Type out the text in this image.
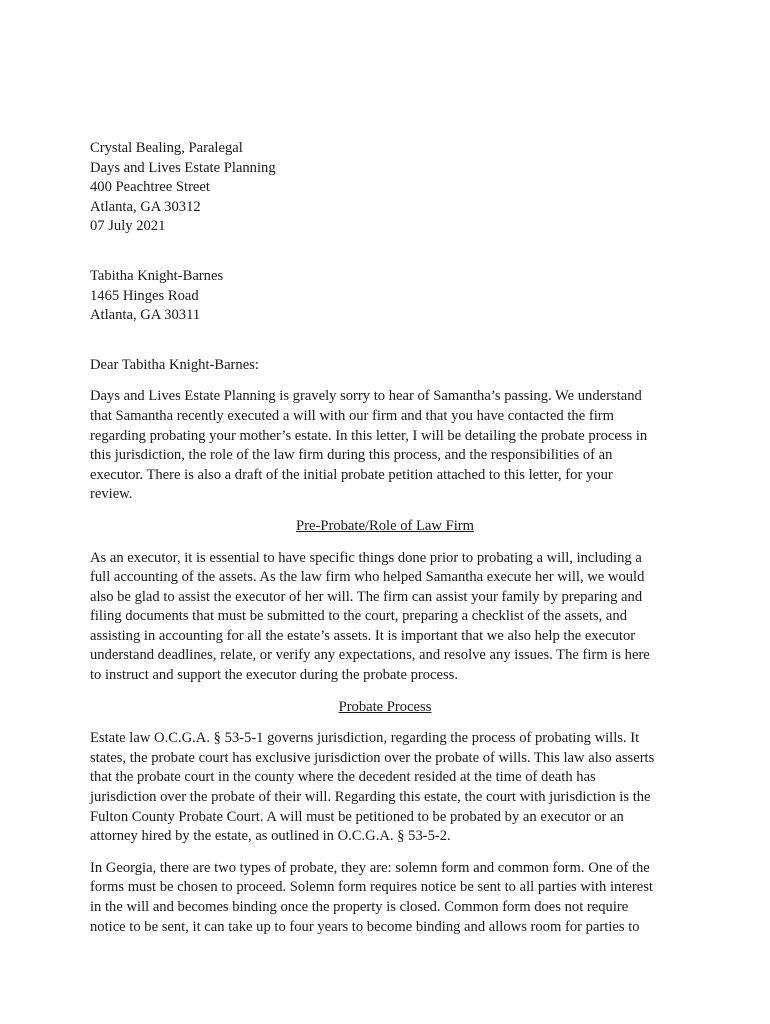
Crystal Bealing, Paralegal
Days and Lives Estate Planning
400 Peachtree Street
Atlanta, GA 30312
07 July 2021
Tabitha Knight-Barnes
1465 Hinges Road
Atlanta, GA 30311
Dear Tabitha Knight-Barnes:

Days and Lives Estate Planning is gravely sorry to hear of Samantha’s passing. We understand
that Samantha recently executed a will with our firm and that you have contacted the firm
regarding probating your mother’s estate. In this letter, I will be detailing the probate process in
this jurisdiction, the role of the law firm during this process, and the responsibilities of an
executor. There is also a draft of the initial probate petition attached to this letter, for your
review.

Pre-Probate/Role of Law Firm

As an executor, it is essential to have specific things done prior to probating a will, including a
full accounting of the assets. As the law firm who helped Samantha execute her will, we would
also be glad to assist the executor of her will. The firm can assist your family by preparing and
filing documents that must be submitted to the court, preparing a checklist of the assets, and
assisting in accounting for all the estate’s assets. It is important that we also help the executor
understand deadlines, relate, or verify any expectations, and resolve any issues. The firm is here
to instruct and support the executor during the probate process.

Probate Process

Estate law O.C.G.A. § 53-5-1 governs jurisdiction, regarding the process of probating wills. It
states, the probate court has exclusive jurisdiction over the probate of wills. This law also asserts
that the probate court in the county where the decedent resided at the time of death has
jurisdiction over the probate of their will. Regarding this estate, the court with jurisdiction is the
Fulton County Probate Court. A will must be petitioned to be probated by an executor or an
attorney hired by the estate, as outlined in O.C.G.A. § 53-5-2.

In Georgia, there are two types of probate, they are: solemn form and common form. One of the
forms must be chosen to proceed. Solemn form requires notice be sent to all parties with interest
in the will and becomes binding once the property is closed. Common form does not require
notice to be sent, it can take up to four years to become binding and allows room for parties to
